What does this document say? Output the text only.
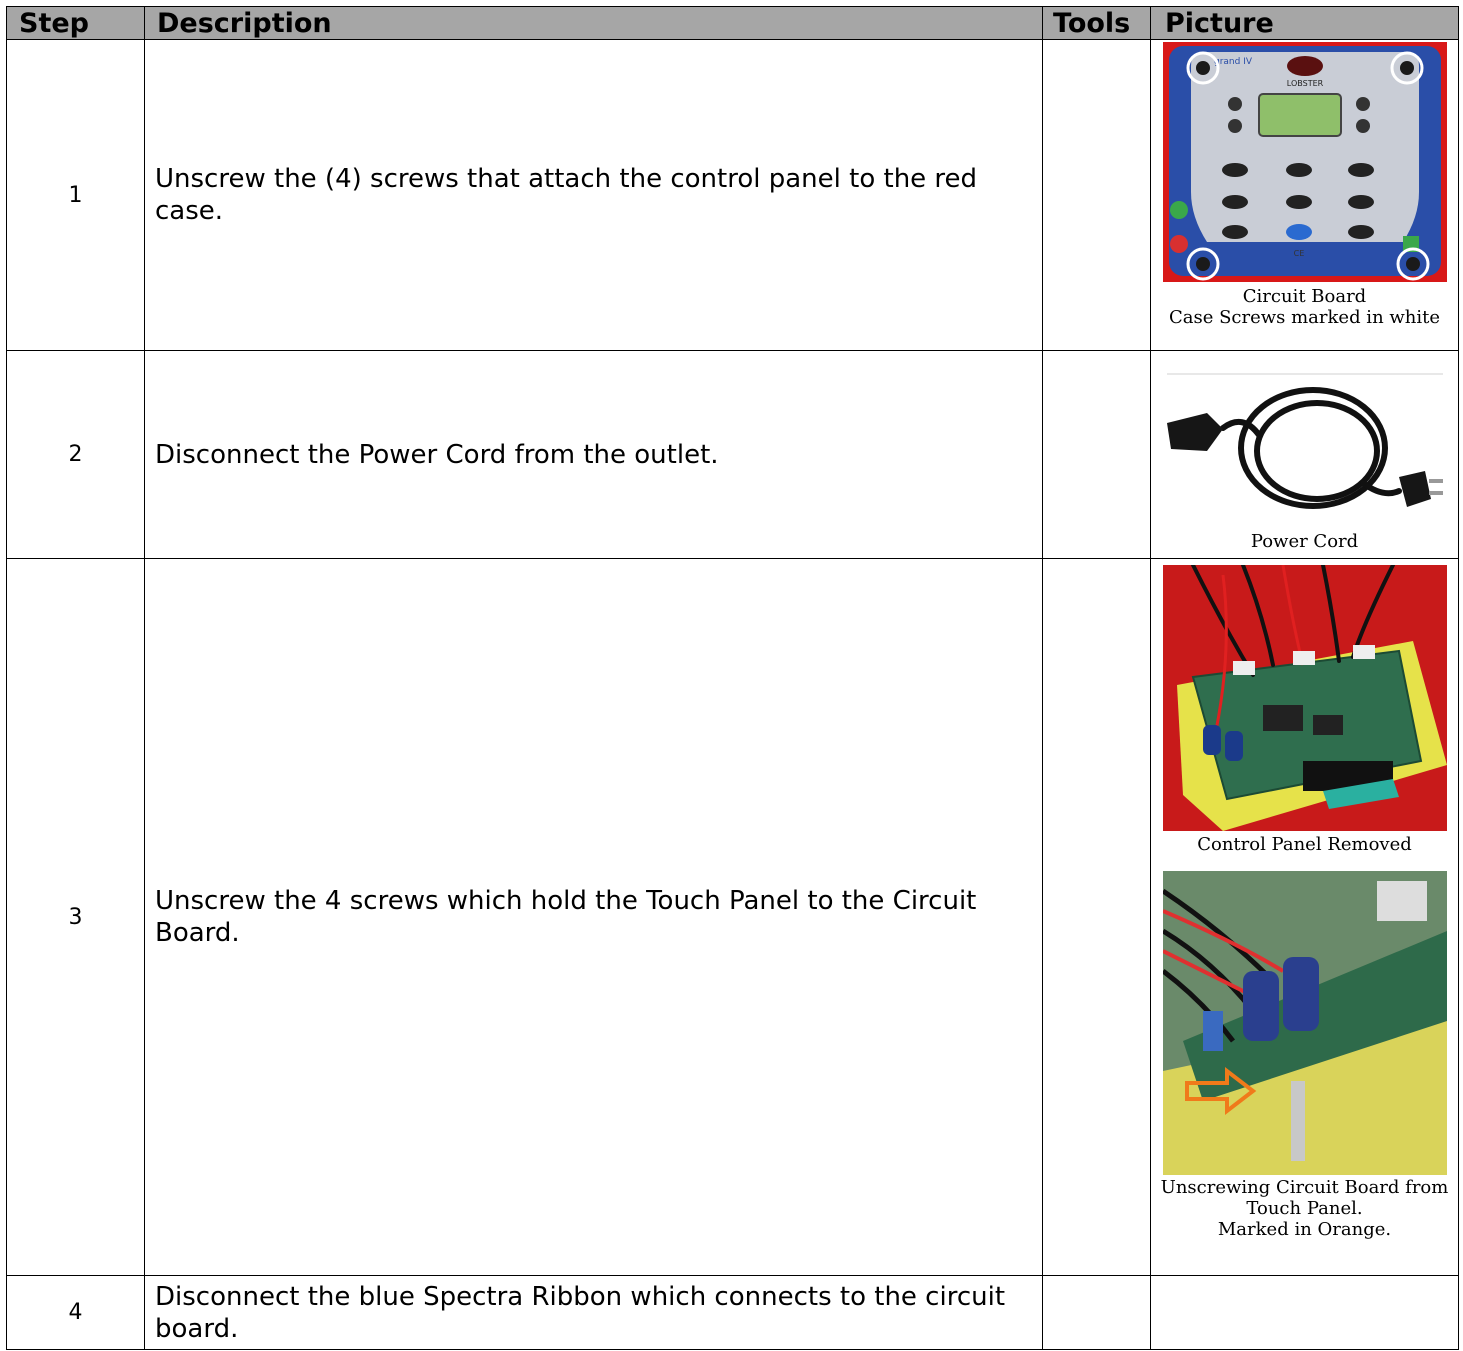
Step	Description	Tools	Picture
1	Unscrew the (4) screws that attach the control panel to the red case.		LOBSTER
grand IV
CE
Circuit Board
Case Screws marked in white

2	Disconnect the Power Cord from the outlet.		Power Cord

3	Unscrew the 4 screws which hold the Touch Panel to the Circuit Board.		Control Panel Removed
Unscrewing Circuit Board from
Touch Panel.
Marked in Orange.

4	Disconnect the blue Spectra Ribbon which connects to the circuit board.		
